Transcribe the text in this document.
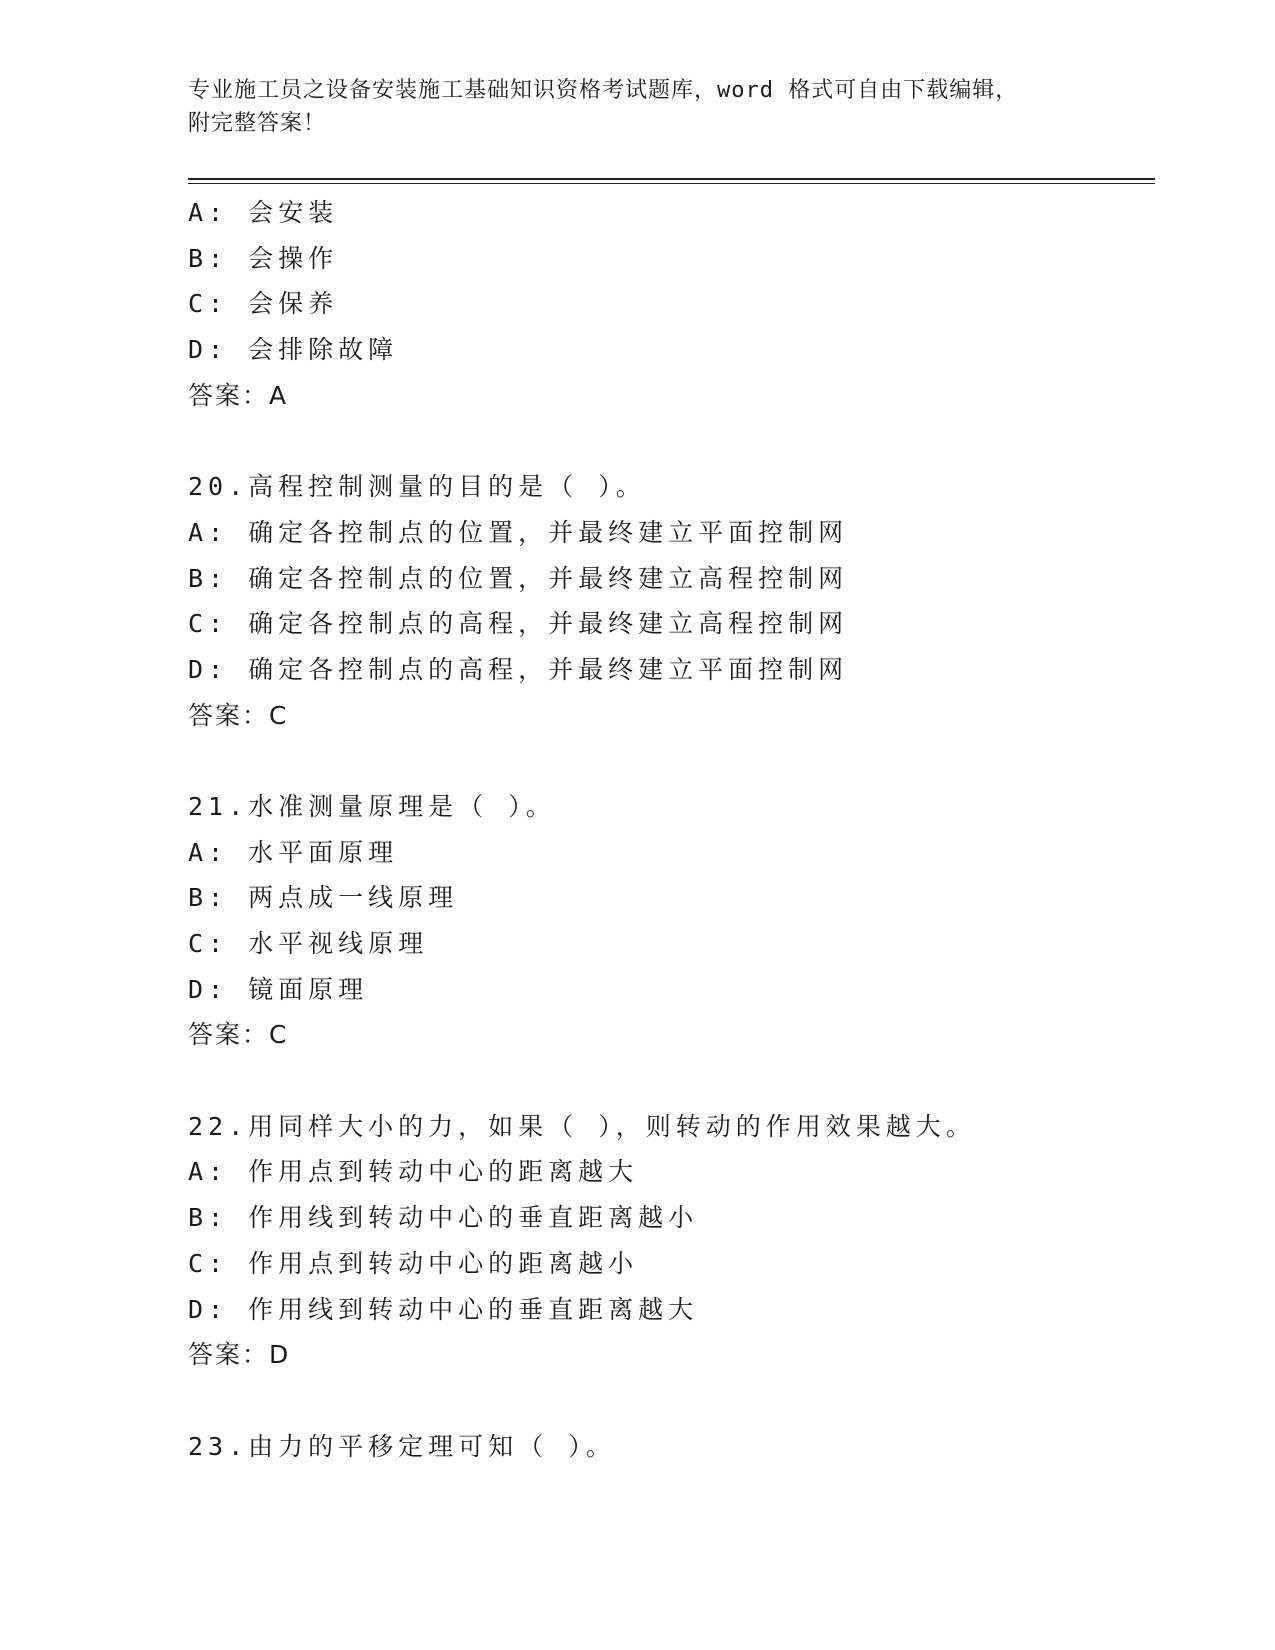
专业施工员之设备安装施工基础知识资格考试题库，word 格式可自由下载编辑，
附完整答案！
A: 会安装
B: 会操作
C: 会保养
D: 会排除故障
答案：A
20.高程控制测量的目的是（ ）。
A: 确定各控制点的位置，并最终建立平面控制网
B: 确定各控制点的位置，并最终建立高程控制网
C: 确定各控制点的高程，并最终建立高程控制网
D: 确定各控制点的高程，并最终建立平面控制网
答案：C
21.水准测量原理是（ ）。
A: 水平面原理
B: 两点成一线原理
C: 水平视线原理
D: 镜面原理
答案：C
22.用同样大小的力，如果（ ），则转动的作用效果越大。
A: 作用点到转动中心的距离越大
B: 作用线到转动中心的垂直距离越小
C: 作用点到转动中心的距离越小
D: 作用线到转动中心的垂直距离越大
答案：D
23.由力的平移定理可知（ ）。
